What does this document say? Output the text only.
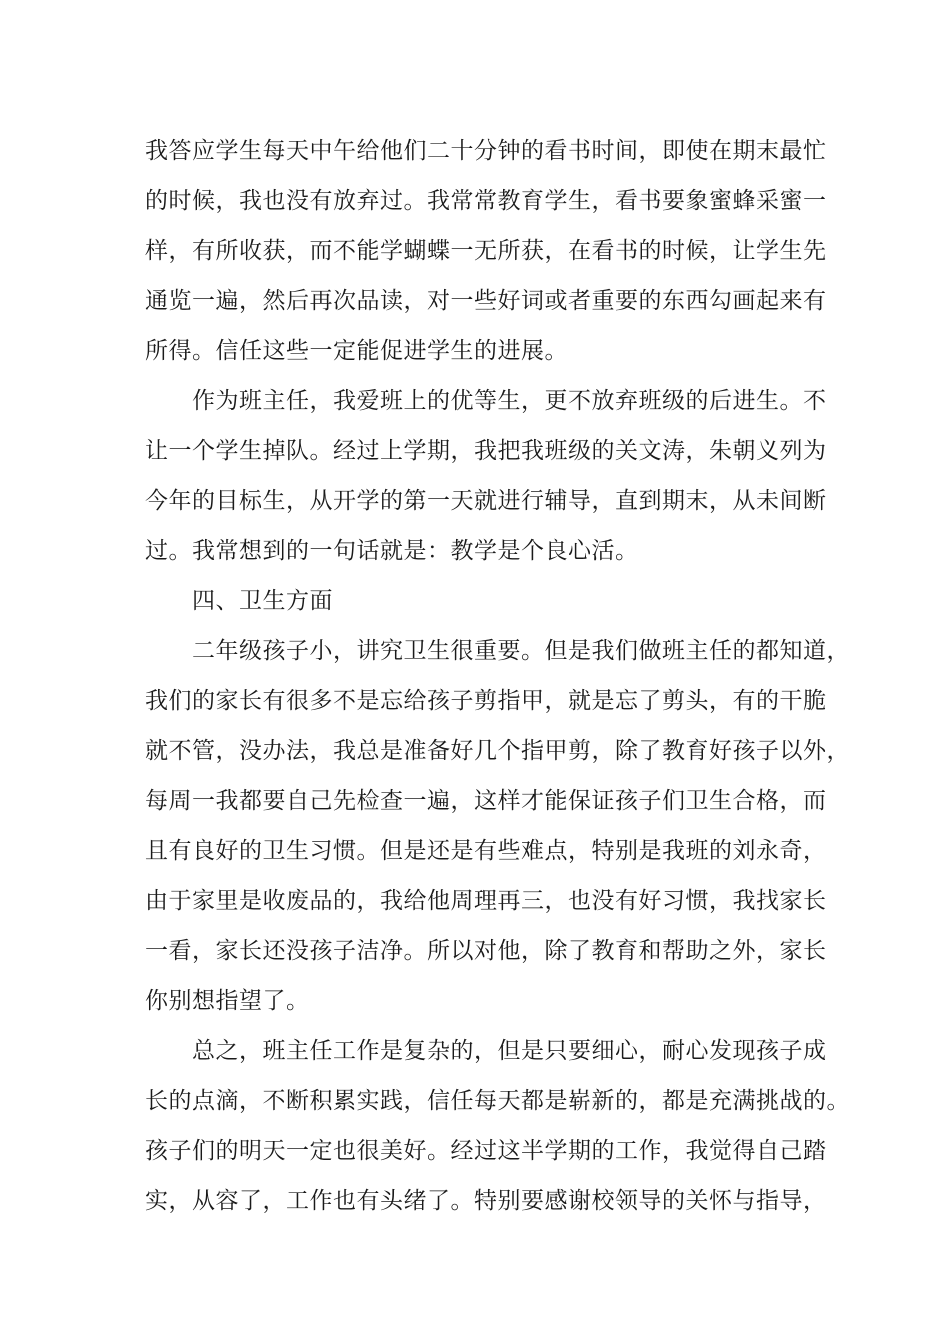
我答应学生每天中午给他们二十分钟的看书时间，即使在期末最忙
的时候，我也没有放弃过。我常常教育学生，看书要象蜜蜂采蜜一
样，有所收获，而不能学蝴蝶一无所获，在看书的时候，让学生先
通览一遍，然后再次品读，对一些好词或者重要的东西勾画起来有
所得。信任这些一定能促进学生的进展。
作为班主任，我爱班上的优等生，更不放弃班级的后进生。不
让一个学生掉队。经过上学期，我把我班级的关文涛，朱朝义列为
今年的目标生，从开学的第一天就进行辅导，直到期末，从未间断
过。我常想到的一句话就是：教学是个良心活。
四、卫生方面
二年级孩子小，讲究卫生很重要。但是我们做班主任的都知道，
我们的家长有很多不是忘给孩子剪指甲，就是忘了剪头，有的干脆
就不管，没办法，我总是准备好几个指甲剪，除了教育好孩子以外，
每周一我都要自己先检查一遍，这样才能保证孩子们卫生合格，而
且有良好的卫生习惯。但是还是有些难点，特别是我班的刘永奇，
由于家里是收废品的，我给他周理再三，也没有好习惯，我找家长
一看，家长还没孩子洁净。所以对他，除了教育和帮助之外，家长
你别想指望了。
总之，班主任工作是复杂的，但是只要细心，耐心发现孩子成
长的点滴，不断积累实践，信任每天都是崭新的，都是充满挑战的。
孩子们的明天一定也很美好。经过这半学期的工作，我觉得自己踏
实，从容了，工作也有头绪了。特别要感谢校领导的关怀与指导，
